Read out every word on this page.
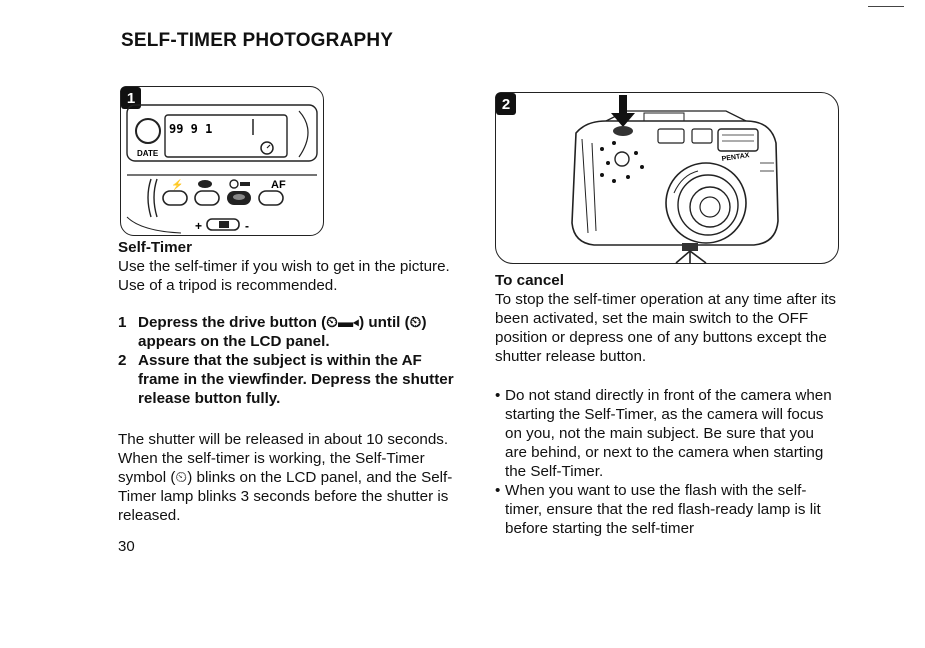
SELF-TIMER PHOTOGRAPHY
1
DATE
99 9 1
⚡	AF
+	-
2
PENTAX

Self-Timer

Use the self-timer if you wish to get in the picture. Use of a tripod is recommended.

1 Depress the drive button (⏲▬◂) until (⏲) appears on the LCD panel.
2 Assure that the subject is within the AF frame in the viewfinder. Depress the shutter release button fully.

The shutter will be released in about 10 seconds. When the self-timer is working, the Self-Timer symbol (⏲) blinks on the LCD panel, and the Self-Timer lamp blinks 3 seconds before the shutter is released.

30

To cancel

To stop the self-timer operation at any time after its been activated, set the main switch to the OFF position or depress one of any buttons except the shutter release button.

• Do not stand directly in front of the camera when starting the Self-Timer, as the camera will focus on you, not the main subject. Be sure that you are behind, or next to the camera when starting the Self-Timer.
• When you want to use the flash with the self-timer, ensure that the red flash-ready lamp is lit before starting the self-timer
